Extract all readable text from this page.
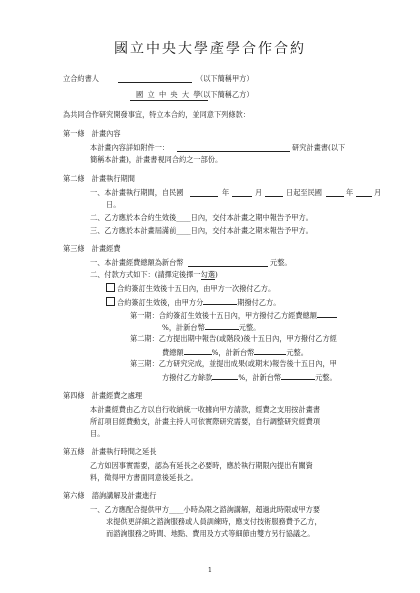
國立中央大學產學合作合約
立合約書人	（以下簡稱甲方）
國 立 中 央 大 學
（以下簡稱乙方）
為共同合作研究開發事宜，特立本合約，並同意下列條款：
第一條　計畫內容
本計畫內容詳如附件一：	研究計畫書(以下
簡稱本計畫)，計畫書視同合約之一部份。
第二條　計畫執行期間
一、本計畫執行期間，自民國	年	月	日起至民國	年	月
日。
二、乙方應於本合約生效後____日內，交付本計畫之期中報告予甲方。
三、乙方應於本計畫屆滿前____日內，交付本計畫之期末報告予甲方。
第三條　計畫經費
一、本計畫經費總額為新台幣	元整。
二、付款方式如下：(請擇定後擇一勾選)
合約簽訂生效後十五日內，由甲方一次撥付乙方。
合約簽訂生效後，由甲方分	期撥付乙方。
第一期：合約簽訂生效後十五日內，甲方撥付乙方經費總額
%，計新台幣	元整。
第二期：乙方提出期中報告(或階段)後十五日內，甲方撥付乙方經
費總額	%，計新台幣	元整。
第三期：乙方研究完成，並提出成果(或期末)報告後十五日內，甲
方撥付乙方餘款	%，計新台幣	元整。
第四條　計畫經費之處理
本計畫經費由乙方以自行收納統一收據向甲方請款，經費之支用按計畫書
所訂項目經費動支，計畫主持人可依實際研究需要，自行調整研究經費項
目。
第五條　計畫執行時間之延長
乙方如因事實需要，認為有延長之必要時，應於執行期限內提出有關資
料，徵得甲方書面同意後延長之。
第六條　諮詢講解及計畫進行
一、乙方應配合提供甲方____小時為限之諮詢講解，超過此時限或甲方要
求提供更詳細之諮詢服務或人員訓練時，應支付技術服務費予乙方，
而諮詢服務之時間、地點、費用及方式等細節由雙方另行協議之。
1
